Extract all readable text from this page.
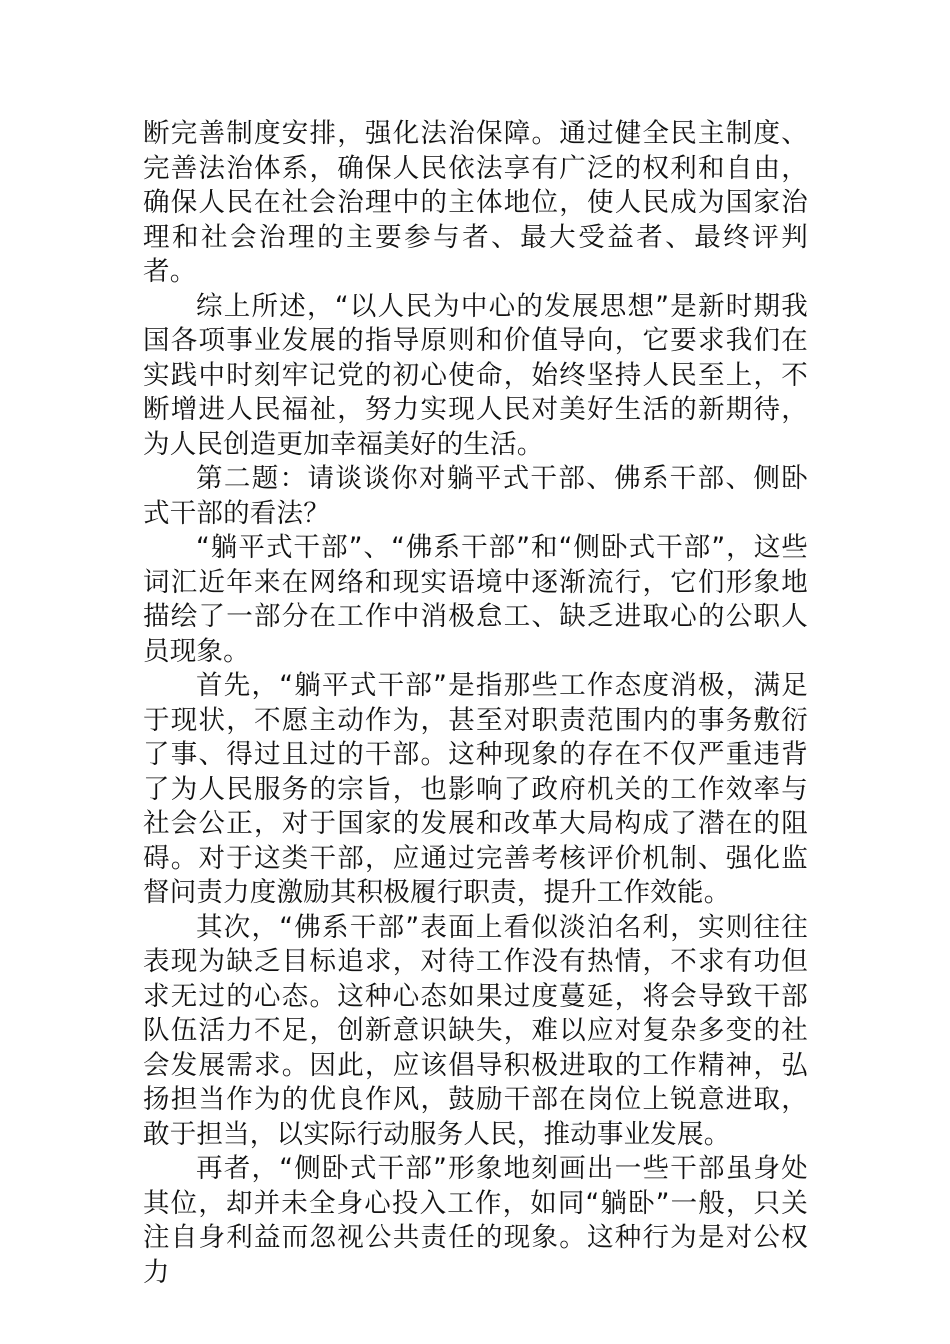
断完善制度安排，强化法治保障。通过健全民主制度、完善法治体系，确保人民依法享有广泛的权利和自由，确保人民在社会治理中的主体地位，使人民成为国家治理和社会治理的主要参与者、最大受益者、最终评判者。

综上所述，“以人民为中心的发展思想”是新时期我国各项事业发展的指导原则和价值导向，它要求我们在实践中时刻牢记党的初心使命，始终坚持人民至上，不断增进人民福祉，努力实现人民对美好生活的新期待，为人民创造更加幸福美好的生活。

第二题：请谈谈你对躺平式干部、佛系干部、侧卧式干部的看法？

“躺平式干部”、“佛系干部”和“侧卧式干部”，这些词汇近年来在网络和现实语境中逐渐流行，它们形象地描绘了一部分在工作中消极怠工、缺乏进取心的公职人员现象。

首先，“躺平式干部”是指那些工作态度消极，满足于现状，不愿主动作为，甚至对职责范围内的事务敷衍了事、得过且过的干部。这种现象的存在不仅严重违背了为人民服务的宗旨，也影响了政府机关的工作效率与社会公正，对于国家的发展和改革大局构成了潜在的阻碍。对于这类干部，应通过完善考核评价机制、强化监督问责力度激励其积极履行职责，提升工作效能。

其次，“佛系干部”表面上看似淡泊名利，实则往往表现为缺乏目标追求，对待工作没有热情，不求有功但求无过的心态。这种心态如果过度蔓延，将会导致干部队伍活力不足，创新意识缺失，难以应对复杂多变的社会发展需求。因此，应该倡导积极进取的工作精神，弘扬担当作为的优良作风，鼓励干部在岗位上锐意进取，敢于担当，以实际行动服务人民，推动事业发展。

再者，“侧卧式干部”形象地刻画出一些干部虽身处其位，却并未全身心投入工作，如同“躺卧”一般，只关注自身利益而忽视公共责任的现象。这种行为是对公权力
